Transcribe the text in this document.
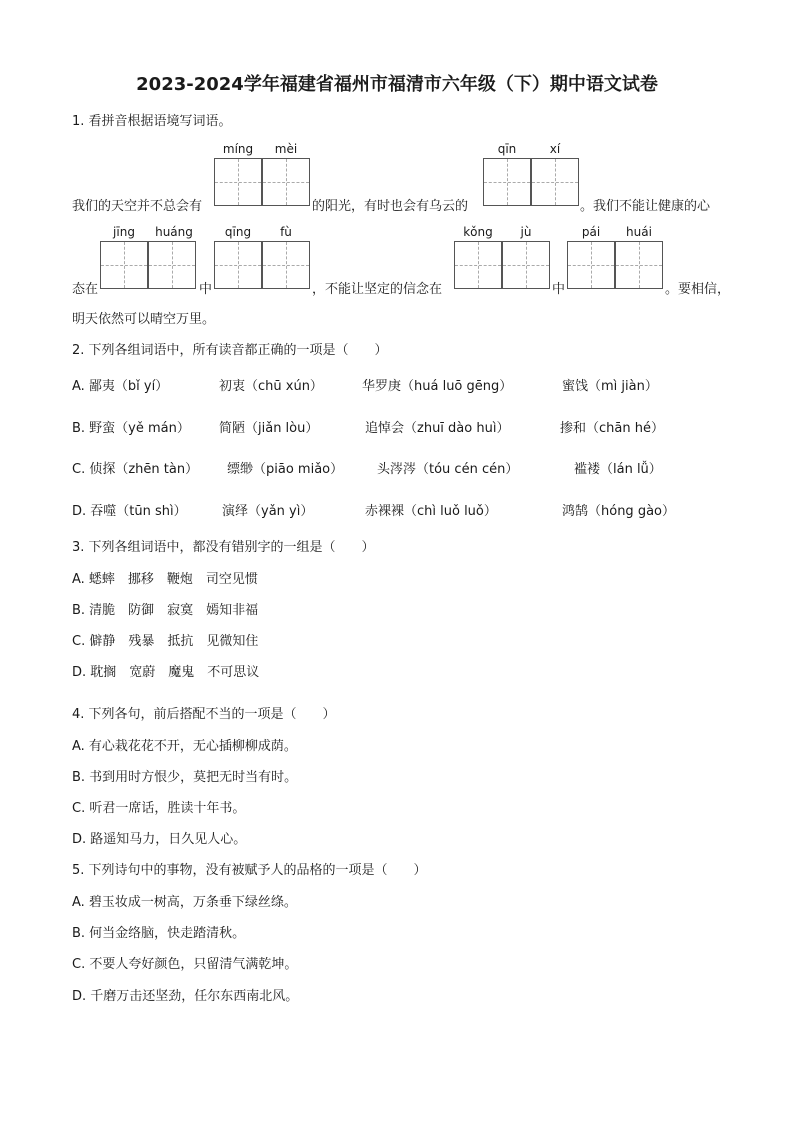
2023-2024学年福建省福州市福清市六年级（下）期中语文试卷
1. 看拼音根据语境写词语。
míng	mèi	qīn	xí
我们的天空并不总会有	的阳光，有时也会有乌云的	。我们不能让健康的心
jīng	huáng	qīng	fù	kǒng	jù	pái	huái
态在	中	，不能让坚定的信念在	中	。要相信，
明天依然可以晴空万里。
2. 下列各组词语中，所有读音都正确的一项是（　　）
A. 鄙夷（bǐ yí）	初衷（chū xún）	华罗庚（huá luō gēng）	蜜饯（mì jiàn）
B. 野蛮（yě mán） 简陋（jiǎn lòu）	追悼会（zhuī dào huì）	掺和（chān hé）
C. 侦探（zhēn tàn） 缥缈（piāo miǎo）	头涔涔（tóu cén cén）	褴褛（lán lǚ）
D. 吞噬（tūn shì）	演绎（yǎn yì）	赤裸裸（chì luǒ luǒ）	鸿鹄（hóng gào）
3. 下列各组词语中，都没有错别字的一组是（　　）
A. 蟋蟀　挪移　鞭炮　司空见惯
B. 清脆　防御　寂寞　嫣知非福
C. 僻静　残暴　抵抗　见微知住
D. 耽搁　宽蔚　魔鬼　不可思议
4. 下列各句，前后搭配不当的一项是（　　）
A. 有心栽花花不开，无心插柳柳成荫。
B. 书到用时方恨少，莫把无时当有时。
C. 听君一席话，胜读十年书。
D. 路遥知马力，日久见人心。
5. 下列诗句中的事物，没有被赋予人的品格的一项是（　　）
A. 碧玉妆成一树高，万条垂下绿丝绦。
B. 何当金络脑，快走踏清秋。
C. 不要人夸好颜色，只留清气满乾坤。
D. 千磨万击还坚劲，任尔东西南北风。
